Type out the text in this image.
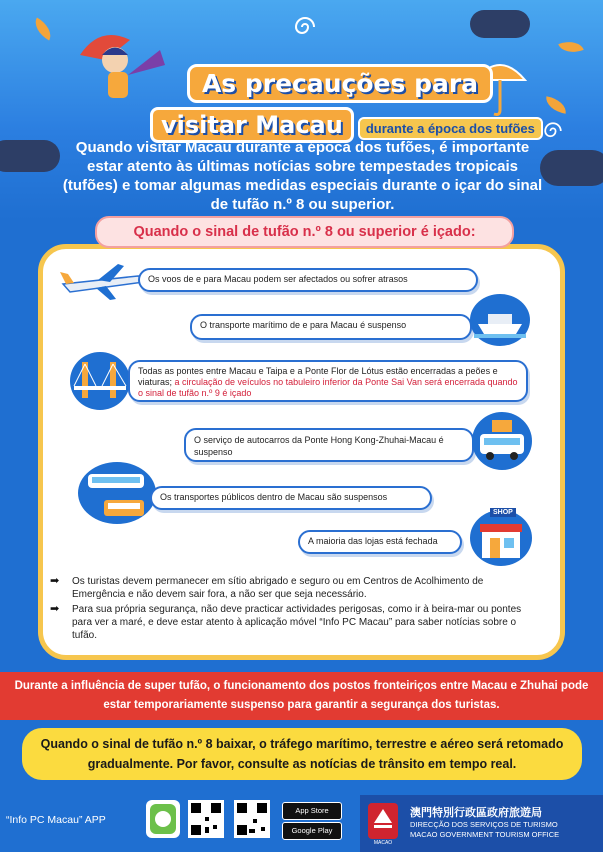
As precauções para
visitar Macau durante a época dos tufões
Quando visitar Macau durante a época dos tufões, é importante estar atento às últimas notícias sobre tempestades tropicais (tufões) e tomar algumas medidas especiais durante o içar do sinal de tufão n.º 8 ou superior.
Quando o sinal de tufão n.º 8 ou superior é içado:
Os voos de e para Macau podem ser afectados ou sofrer atrasos
O transporte marítimo de e para Macau é suspenso
Todas as pontes entre Macau e Taipa e a Ponte Flor de Lótus estão encerradas a peões e viaturas; a circulação de veículos no tabuleiro inferior da Ponte Sai Van será encerrada quando o sinal de tufão n.º 9 é içado
O serviço de autocarros da Ponte Hong Kong-Zhuhai-Macau é suspenso
Os transportes públicos dentro de Macau são suspensos
A maioria das lojas está fechada
SHOP
➡ Os turistas devem permanecer em sítio abrigado e seguro ou em Centros de Acolhimento de Emergência e não devem sair fora, a não ser que seja necessário.
➡ Para sua própria segurança, não deve practicar actividades perigosas, como ir à beira-mar ou pontes para ver a maré, e deve estar atento à aplicação móvel “Info PC Macau” para saber notícias sobre o tufão.
Durante a influência de super tufão, o funcionamento dos postos fronteiriços entre Macau e Zhuhai pode estar temporariamente suspenso para garantir a segurança dos turistas.
Quando o sinal de tufão n.º 8 baixar, o tráfego marítimo, terrestre e aéreo será retomado gradualmente. Por favor, consulte as notícias de trânsito em tempo real.
“Info PC Macau” APP
App Store
Google Play
MACAO
澳門特別行政區政府旅遊局
DIRECÇÃO DOS SERVIÇOS DE TURISMO
MACAO GOVERNMENT TOURISM OFFICE
